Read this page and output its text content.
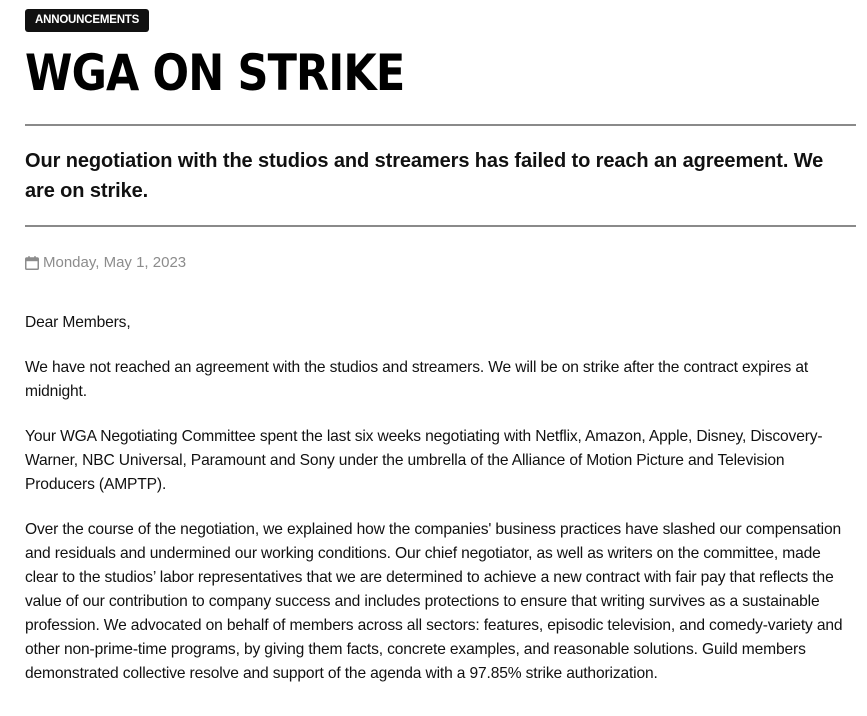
ANNOUNCEMENTS
WGA ON STRIKE
Our negotiation with the studios and streamers has failed to reach an agreement. We are on strike.
Monday, May 1, 2023

Dear Members,

We have not reached an agreement with the studios and streamers. We will be on strike after the contract expires at midnight.

Your WGA Negotiating Committee spent the last six weeks negotiating with Netflix, Amazon, Apple, Disney, Discovery-Warner, NBC Universal, Paramount and Sony under the umbrella of the Alliance of Motion Picture and Television Producers (AMPTP).

Over the course of the negotiation, we explained how the companies' business practices have slashed our compensation and residuals and undermined our working conditions. Our chief negotiator, as well as writers on the committee, made clear to the studios’ labor representatives that we are determined to achieve a new contract with fair pay that reflects the value of our contribution to company success and includes protections to ensure that writing survives as a sustainable profession. We advocated on behalf of members across all sectors: features, episodic television, and comedy-variety and other non-prime-time programs, by giving them facts, concrete examples, and reasonable solutions. Guild members demonstrated collective resolve and support of the agenda with a 97.85% strike authorization.
